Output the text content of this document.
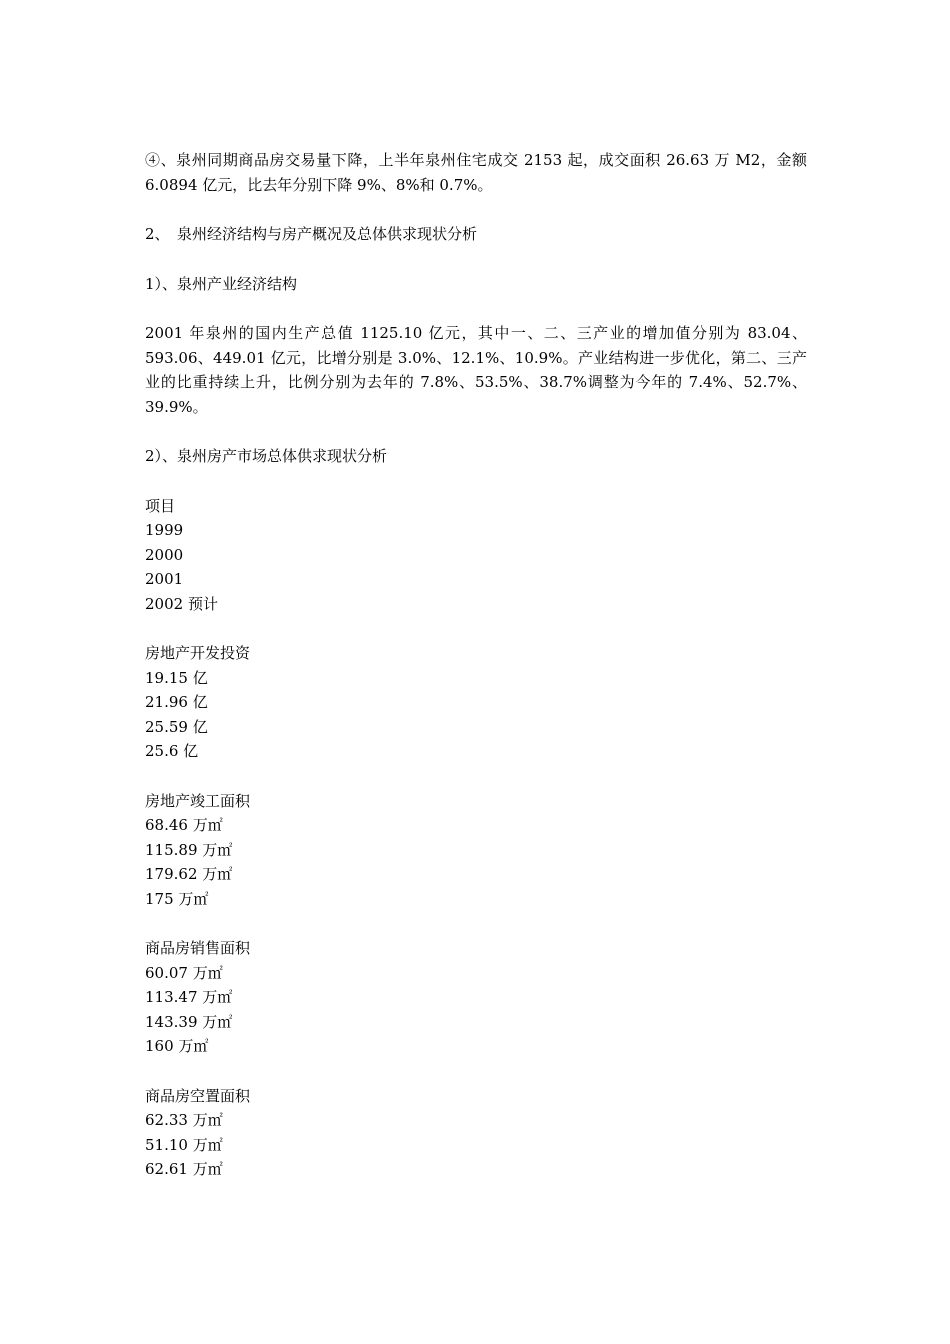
④、泉州同期商品房交易量下降，上半年泉州住宅成交 2153 起，成交面积 26.63 万 M2，金额 6.0894 亿元，比去年分别下降 9%、8%和 0.7%。

2、 泉州经济结构与房产概况及总体供求现状分析
1）、泉州产业经济结构

2001 年泉州的国内生产总值 1125.10 亿元，其中一、二、三产业的增加值分别为 83.04、593.06、449.01 亿元，比增分别是 3.0%、12.1%、10.9%。产业结构进一步优化，第二、三产业的比重持续上升，比例分别为去年的 7.8%、53.5%、38.7%调整为今年的 7.4%、52.7%、39.9%。

2）、泉州房产市场总体供求现状分析
项目
1999
2000
2001
2002 预计
房地产开发投资
19.15 亿
21.96 亿
25.59 亿
25.6 亿
房地产竣工面积
68.46 万㎡
115.89 万㎡
179.62 万㎡
175 万㎡
商品房销售面积
60.07 万㎡
113.47 万㎡
143.39 万㎡
160 万㎡
商品房空置面积
62.33 万㎡
51.10 万㎡
62.61 万㎡
